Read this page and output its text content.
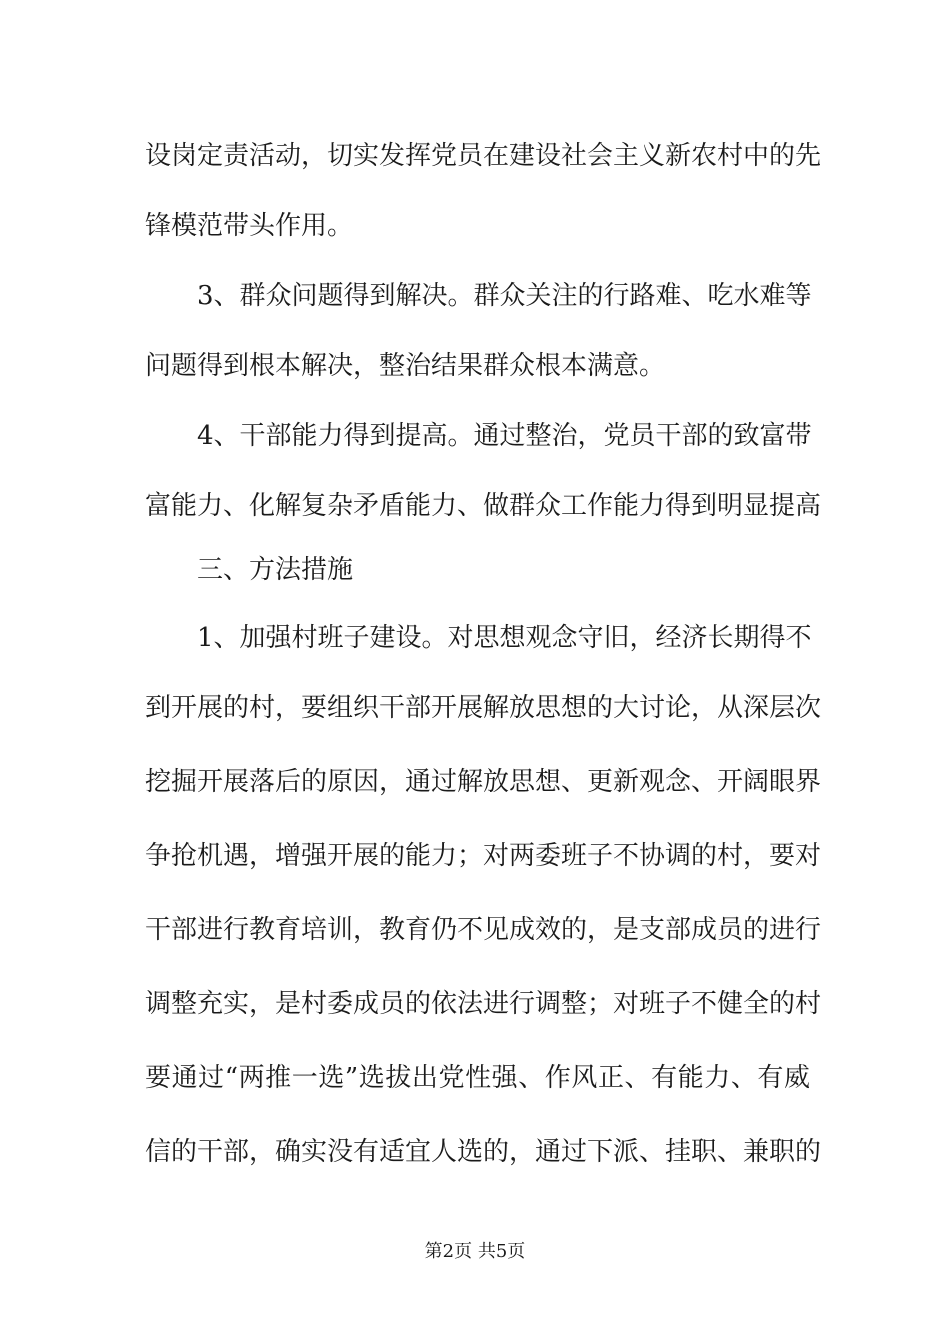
设岗定责活动，切实发挥党员在建设社会主义新农村中的先
锋模范带头作用。
3、群众问题得到解决。群众关注的行路难、吃水难等
问题得到根本解决，整治结果群众根本满意。
4、干部能力得到提高。通过整治，党员干部的致富带
富能力、化解复杂矛盾能力、做群众工作能力得到明显提高
三、方法措施
1、加强村班子建设。对思想观念守旧，经济长期得不
到开展的村，要组织干部开展解放思想的大讨论，从深层次
挖掘开展落后的原因，通过解放思想、更新观念、开阔眼界
争抢机遇，增强开展的能力；对两委班子不协调的村，要对
干部进行教育培训，教育仍不见成效的，是支部成员的进行
调整充实，是村委成员的依法进行调整；对班子不健全的村
要通过“两推一选”选拔出党性强、作风正、有能力、有威
信的干部，确实没有适宜人选的，通过下派、挂职、兼职的
第2页 共5页
